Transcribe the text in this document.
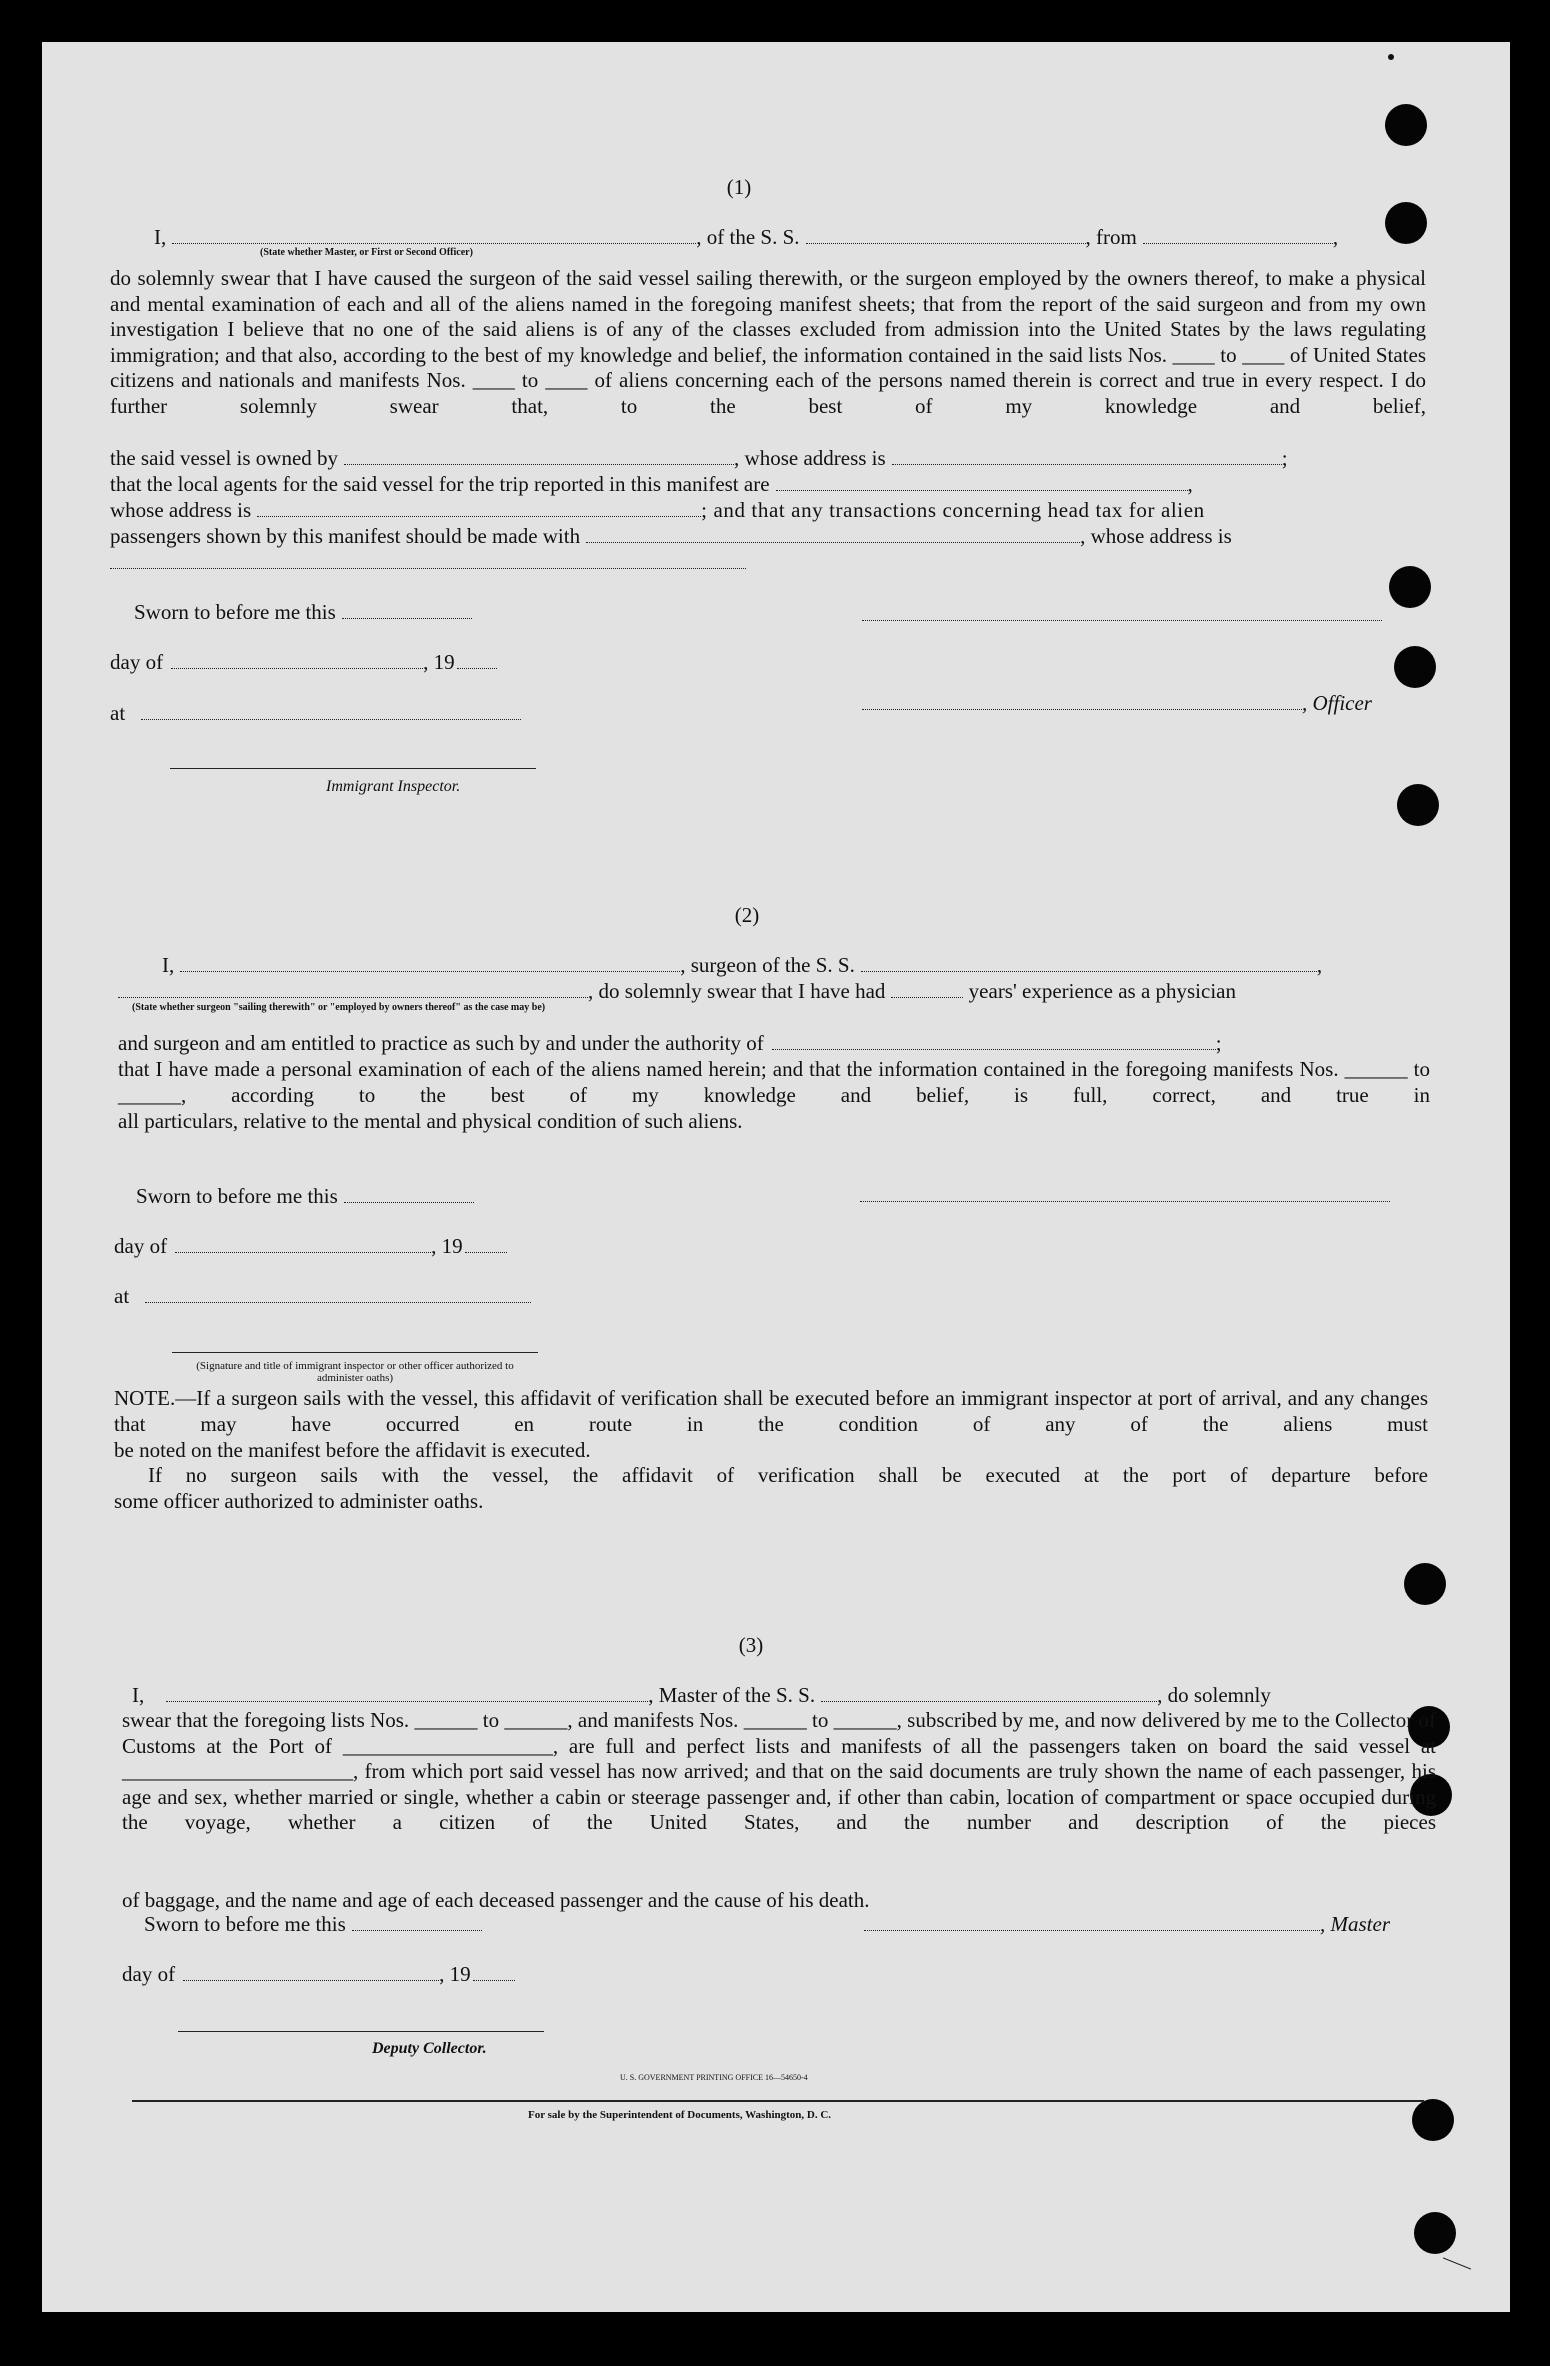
(1)
I,	, of the S. S.	, from	,
(State whether Master, or First or Second Officer)
do solemnly swear that I have caused the surgeon of the said vessel sailing therewith, or the surgeon employed by the owners thereof, to make a physical and mental examination of each and all of the aliens named in the foregoing manifest sheets; that from the report of the said surgeon and from my own investigation I believe that no one of the said aliens is of any of the classes excluded from admission into the United States by the laws regulating immigration; and that also, according to the best of my knowledge and belief, the information contained in the said lists Nos. ____ to ____ of United States citizens and nationals and manifests Nos. ____ to ____ of aliens concerning each of the persons named therein is correct and true in every respect. I do further solemnly swear that, to the best of my knowledge and belief,
the said vessel is owned by	, whose address is	;
that the local agents for the said vessel for the trip reported in this manifest are	,
whose address is	; and that any transactions concerning head tax for alien
passengers shown by this manifest should be made with	, whose address is
Sworn to before me this
day of	, 19
, Officer
at
Immigrant Inspector.
(2)
I,	, surgeon of the S. S.	,
, do solemnly swear that I have had	years' experience as a physician
(State whether surgeon "sailing therewith" or "employed by owners thereof" as the case may be)
and surgeon and am entitled to practice as such by and under the authority of	;
that I have made a personal examination of each of the aliens named herein; and that the information contained in the foregoing manifests Nos. ______ to ______, according to the best of my knowledge and belief, is full, correct, and true in
all particulars, relative to the mental and physical condition of such aliens.
Sworn to before me this
day of	, 19
at
(Signature and title of immigrant inspector or other officer authorized to administer oaths)
NOTE.—If a surgeon sails with the vessel, this affidavit of verification shall be executed before an immigrant inspector at port of arrival, and any changes that may have occurred en route in the condition of any of the aliens must
be noted on the manifest before the affidavit is executed.
If no surgeon sails with the vessel, the affidavit of verification shall be executed at the port of departure before
some officer authorized to administer oaths.
(3)
I,	, Master of the S. S.	, do solemnly
swear that the foregoing lists Nos. ______ to ______, and manifests Nos. ______ to ______, subscribed by me, and now delivered by me to the Collector of Customs at the Port of ____________________, are full and perfect lists and manifests of all the passengers taken on board the said vessel at ______________________, from which port said vessel has now arrived; and that on the said documents are truly shown the name of each passenger, his age and sex, whether married or single, whether a cabin or steerage passenger and, if other than cabin, location of compartment or space occupied during the voyage, whether a citizen of the United States, and the number and description of the pieces
of baggage, and the name and age of each deceased passenger and the cause of his death.
Sworn to before me this	, Master
day of	, 19
Deputy Collector.
U. S. GOVERNMENT PRINTING OFFICE 16—54650-4
For sale by the Superintendent of Documents, Washington, D. C.
